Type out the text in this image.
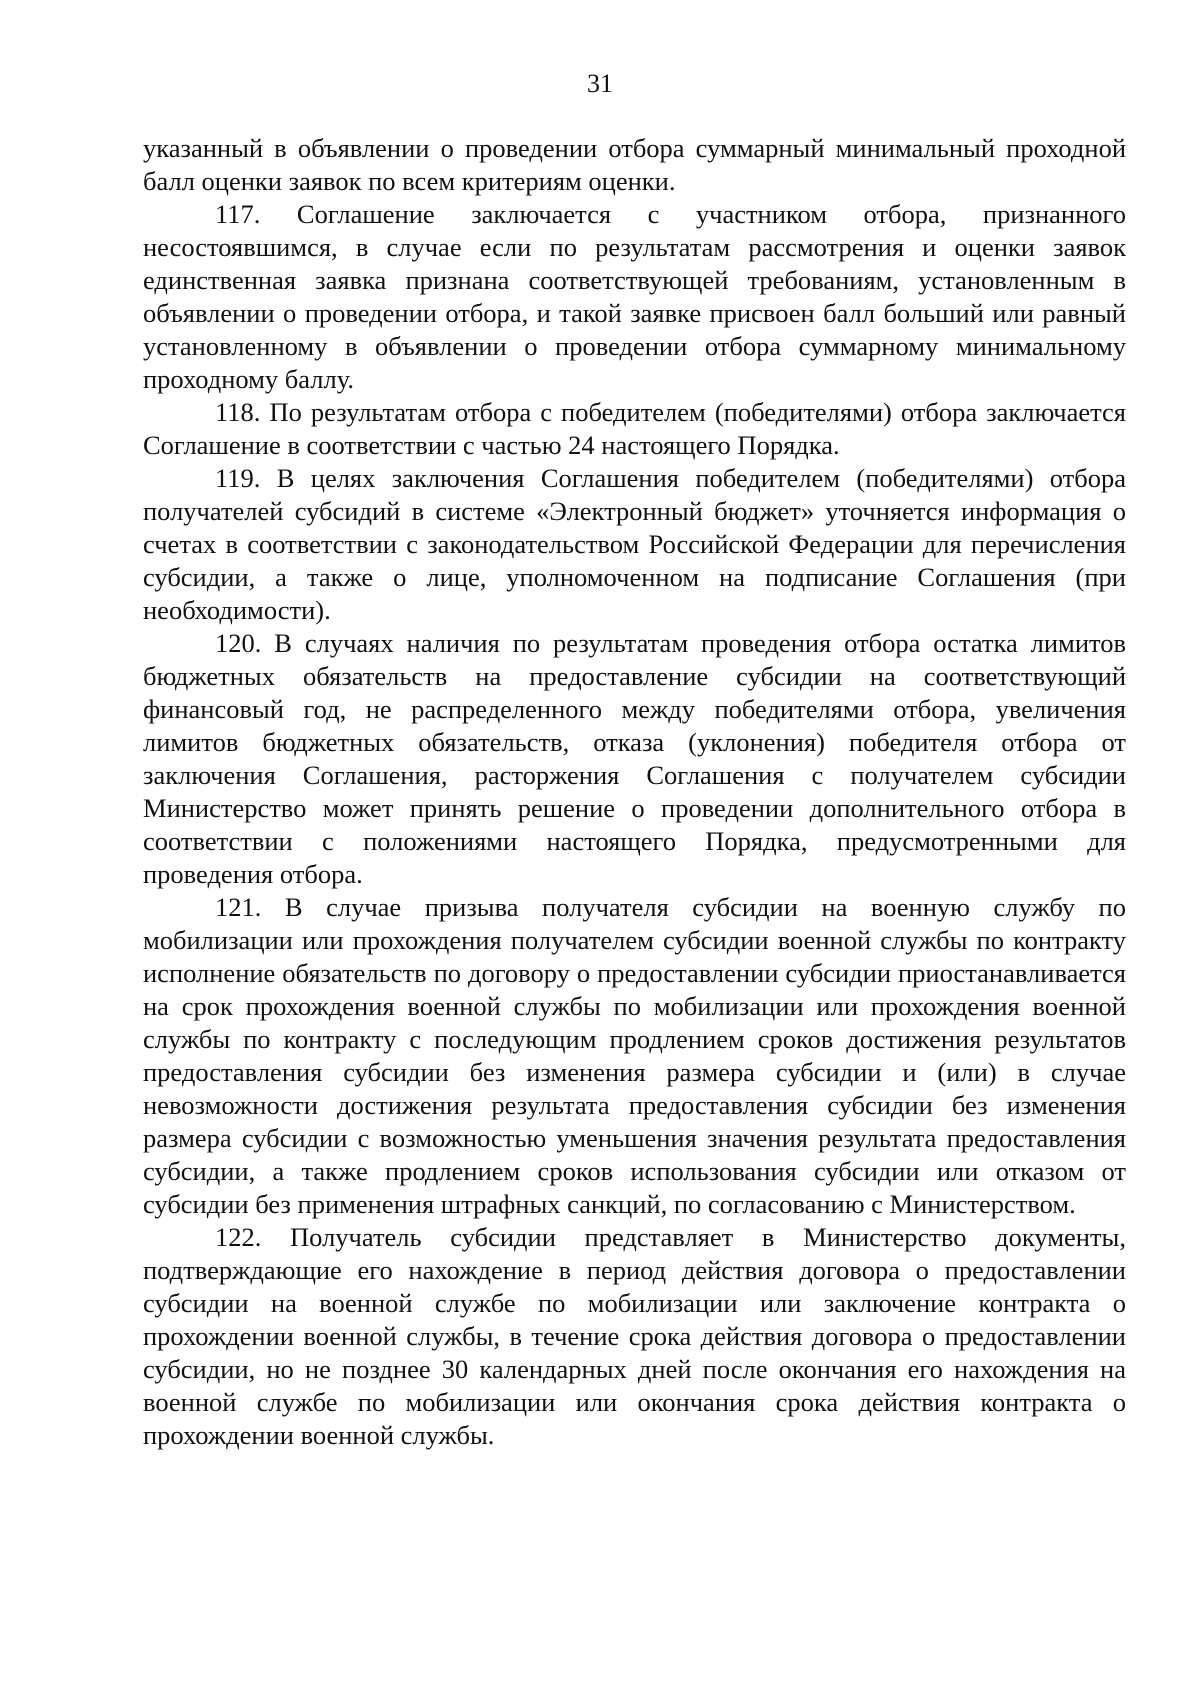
31

указанный в объявлении о проведении отбора суммарный минимальный проходной балл оценки заявок по всем критериям оценки.

117. Соглашение заключается с участником отбора, признанного несостоявшимся, в случае если по результатам рассмотрения и оценки заявок единственная заявка признана соответствующей требованиям, установленным в объявлении о проведении отбора, и такой заявке присвоен балл больший или равный установленному в объявлении о проведении отбора суммарному минимальному проходному баллу.

118. По результатам отбора с победителем (победителями) отбора заключается Соглашение в соответствии с частью 24 настоящего Порядка.

119. В целях заключения Соглашения победителем (победителями) отбора получателей субсидий в системе «Электронный бюджет» уточняется информация о счетах в соответствии с законодательством Российской Федерации для перечисления субсидии, а также о лице, уполномоченном на подписание Соглашения (при необходимости).

120. В случаях наличия по результатам проведения отбора остатка лимитов бюджетных обязательств на предоставление субсидии на соответствующий финансовый год, не распределенного между победителями отбора, увеличения лимитов бюджетных обязательств, отказа (уклонения) победителя отбора от заключения Соглашения, расторжения Соглашения с получателем субсидии Министерство может принять решение о проведении дополнительного отбора в соответствии с положениями настоящего Порядка, предусмотренными для проведения отбора.

121. В случае призыва получателя субсидии на военную службу по мобилизации или прохождения получателем субсидии военной службы по контракту исполнение обязательств по договору о предоставлении субсидии приостанавливается на срок прохождения военной службы по мобилизации или прохождения военной службы по контракту с последующим продлением сроков достижения результатов предоставления субсидии без изменения размера субсидии и (или) в случае невозможности достижения результата предоставления субсидии без изменения размера субсидии с возможностью уменьшения значения результата предоставления субсидии, а также продлением сроков использования субсидии или отказом от субсидии без применения штрафных санкций, по согласованию с Министерством.

122. Получатель субсидии представляет в Министерство документы, подтверждающие его нахождение в период действия договора о предоставлении субсидии на военной службе по мобилизации или заключение контракта о прохождении военной службы, в течение срока действия договора о предоставлении субсидии, но не позднее 30 календарных дней после окончания его нахождения на военной службе по мобилизации или окончания срока действия контракта о прохождении военной службы.
